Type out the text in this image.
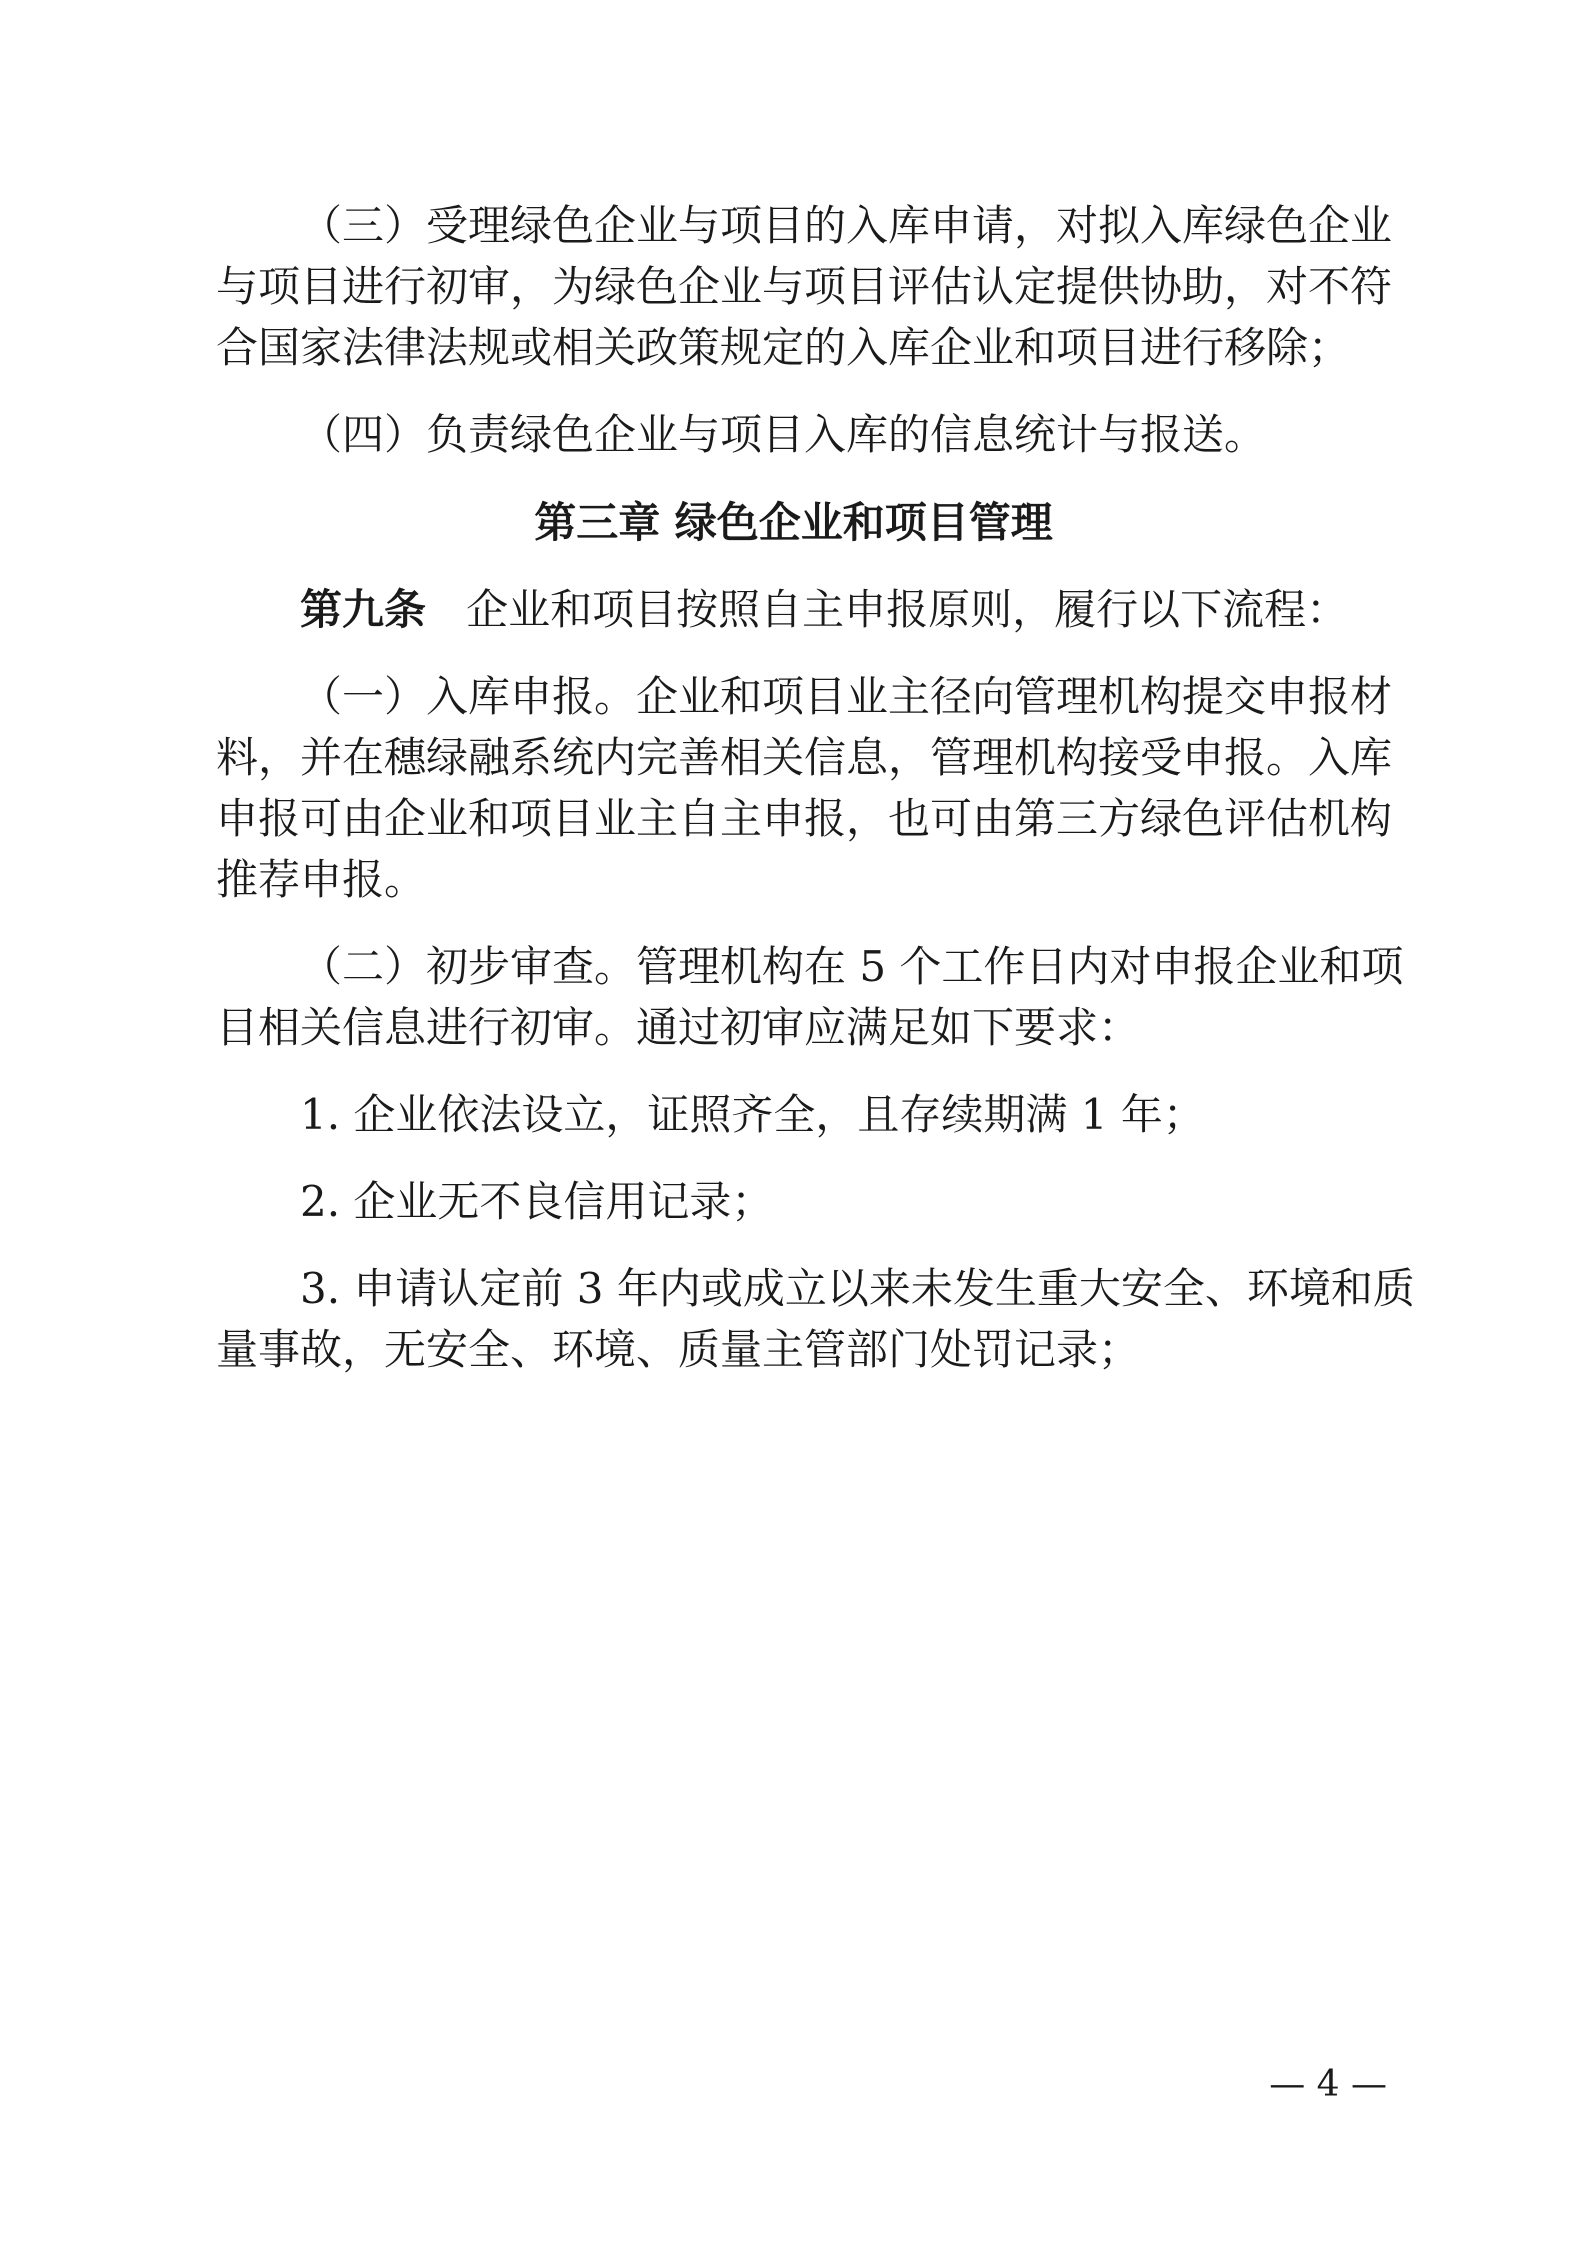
（三）受理绿色企业与项目的入库申请，对拟入库绿色企业
与项目进行初审，为绿色企业与项目评估认定提供协助，对不符
合国家法律法规或相关政策规定的入库企业和项目进行移除；
（四）负责绿色企业与项目入库的信息统计与报送。
第三章 绿色企业和项目管理
第九条 企业和项目按照自主申报原则，履行以下流程：
（一）入库申报。企业和项目业主径向管理机构提交申报材
料，并在穗绿融系统内完善相关信息，管理机构接受申报。入库
申报可由企业和项目业主自主申报，也可由第三方绿色评估机构
推荐申报。
（二）初步审查。管理机构在 5 个工作日内对申报企业和项
目相关信息进行初审。通过初审应满足如下要求：
1. 企业依法设立，证照齐全，且存续期满 1 年；
2. 企业无不良信用记录；
3. 申请认定前 3 年内或成立以来未发生重大安全、环境和质
量事故，无安全、环境、质量主管部门处罚记录；
— 4 —
